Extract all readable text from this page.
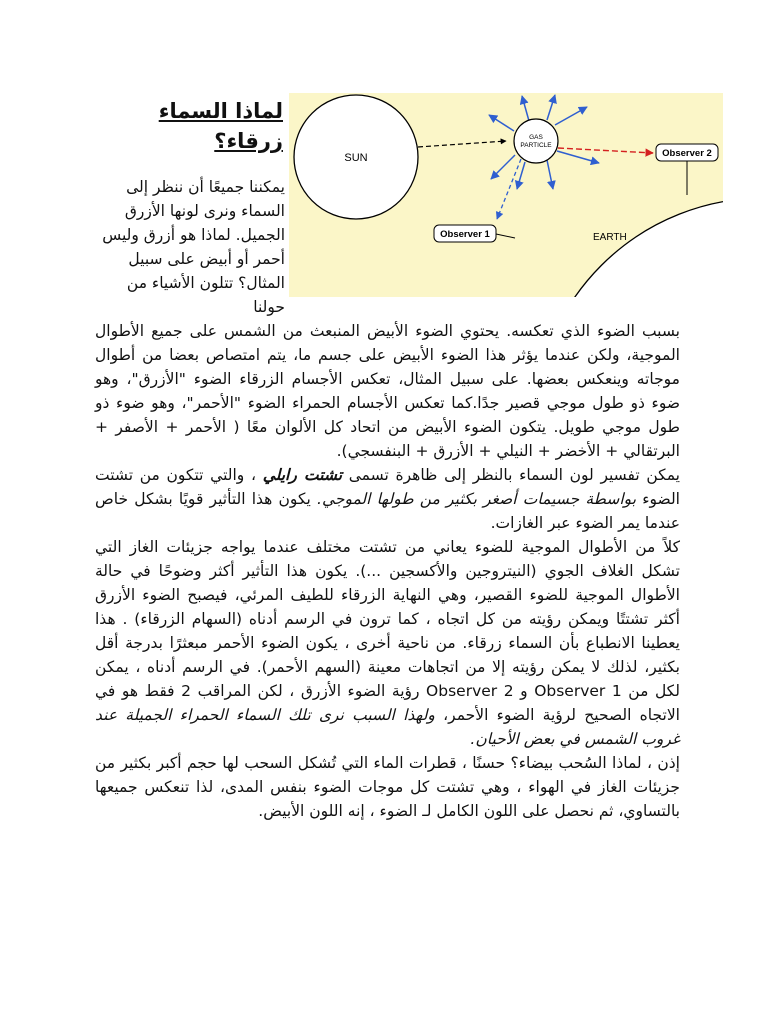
لماذا السماء زرقاء؟
يمكننا جميعًا أن ننظر إلى السماء ونرى لونها الأزرق الجميل. لماذا هو أزرق وليس أحمر أو أبيض على سبيل المثال؟ تتلون الأشياء من حولنا
SUN
GAS
PARTICLE
Observer 2
Observer 1	EARTH

بسبب الضوء الذي تعكسه. يحتوي الضوء الأبيض المنبعث من الشمس على جميع الأطوال الموجية، ولكن عندما يؤثر هذا الضوء الأبيض على جسم ما، يتم امتصاص بعضا من أطوال موجاته وينعكس بعضها. على سبيل المثال، تعكس الأجسام الزرقاء الضوء "الأزرق"، وهو ضوء ذو طول موجي قصير جدًا.كما تعكس الأجسام الحمراء الضوء "الأحمر"، وهو ضوء ذو طول موجي طويل. يتكون الضوء الأبيض من اتحاد كل الألوان معًا ( الأحمر + الأصفر + البرتقالي + الأخضر + النيلي + الأزرق + البنفسجي).

يمكن تفسير لون السماء بالنظر إلى ظاهرة تسمى تشتت رايلي ، والتي تتكون من تشتت الضوء بواسطة جسيمات أصغر بكثير من طولها الموجي. يكون هذا التأثير قويًا بشكل خاص عندما يمر الضوء عبر الغازات.

كلاً من الأطوال الموجية للضوء يعاني من تشتت مختلف عندما يواجه جزيئات الغاز التي تشكل الغلاف الجوي (النيتروجين والأكسجين ...). يكون هذا التأثير أكثر وضوحًا في حالة الأطوال الموجية للضوء القصير، وهي النهاية الزرقاء للطيف المرئي، فيصبح الضوء الأزرق أكثر تشتتًا ويمكن رؤيته من كل اتجاه ، كما ترون في الرسم أدناه (السهام الزرقاء) . هذا يعطينا الانطباع بأن السماء زرقاء. من ناحية أخرى ، يكون الضوء الأحمر مبعثرًا بدرجة أقل بكثير، لذلك لا يمكن رؤيته إلا من اتجاهات معينة (السهم الأحمر). في الرسم أدناه ، يمكن لكل من Observer 1 و Observer 2 رؤية الضوء الأزرق ، لكن المراقب 2 فقط هو في الاتجاه الصحيح لرؤية الضوء الأحمر، ولهذا السبب نرى تلك السماء الحمراء الجميلة عند غروب الشمس في بعض الأحيان.

إذن ، لماذا السُحب بيضاء؟ حسنًا ، قطرات الماء التي تُشكل السحب لها حجم أكبر بكثير من جزيئات الغاز في الهواء ، وهي تشتت كل موجات الضوء بنفس المدى، لذا تنعكس جميعها بالتساوي، ثم نحصل على اللون الكامل لـ الضوء ، إنه اللون الأبيض.
